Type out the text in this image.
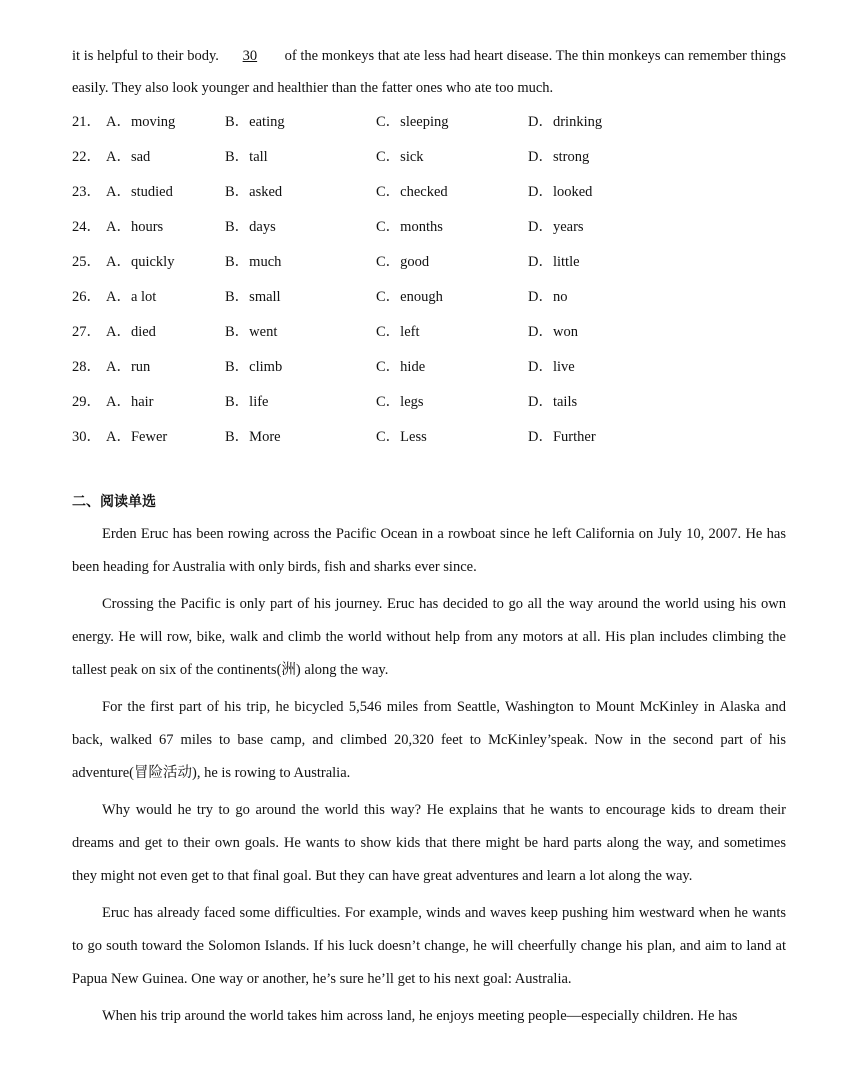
it is helpful to their body. 30 of the monkeys that ate less had heart disease. The thin monkeys can remember things easily. They also look younger and healthier than the fatter ones who ate too much.

21． A．moving	B．eating	C．sleeping	D．drinking
22． A．sad	B．tall	C．sick	D．strong
23． A．studied	B．asked	C．checked	D．looked
24． A．hours	B．days	C．months	D．years
25． A．quickly	B．much	C．good	D．little
26． A．a lot	B．small	C．enough	D．no
27． A．died	B．went	C．left	D．won
28． A．run	B．climb	C．hide	D．live
29． A．hair	B．life	C．legs	D．tails
30． A．Fewer	B．More	C．Less	D．Further
二、阅读单选

Erden Eruc has been rowing across the Pacific Ocean in a rowboat since he left California on July 10, 2007. He has been heading for Australia with only birds, fish and sharks ever since.

Crossing the Pacific is only part of his journey. Eruc has decided to go all the way around the world using his own energy. He will row, bike, walk and climb the world without help from any motors at all. His plan includes climbing the tallest peak on six of the continents(洲) along the way.

For the first part of his trip, he bicycled 5,546 miles from Seattle, Washington to Mount McKinley in Alaska and back, walked 67 miles to base camp, and climbed 20,320 feet to McKinley’speak. Now in the second part of his adventure(冒险活动), he is rowing to Australia.

Why would he try to go around the world this way? He explains that he wants to encourage kids to dream their dreams and get to their own goals. He wants to show kids that there might be hard parts along the way, and sometimes they might not even get to that final goal. But they can have great adventures and learn a lot along the way.

Eruc has already faced some difficulties. For example, winds and waves keep pushing him westward when he wants to go south toward the Solomon Islands. If his luck doesn’t change, he will cheerfully change his plan, and aim to land at Papua New Guinea. One way or another, he’s sure he’ll get to his next goal: Australia.

When his trip around the world takes him across land, he enjoys meeting people—especially children. He has
